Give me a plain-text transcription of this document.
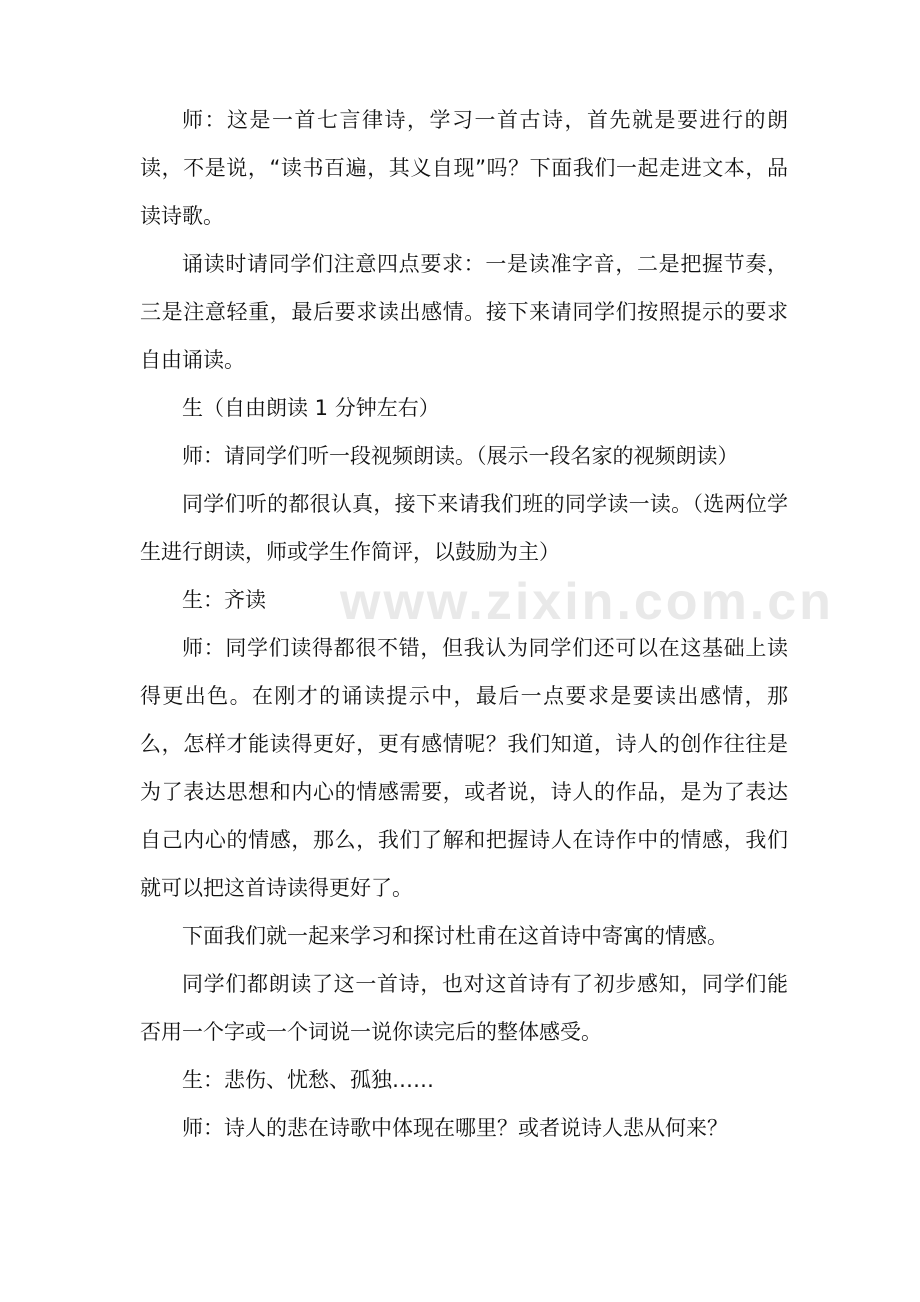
www.zixin.com.cn

师：这是一首七言律诗，学习一首古诗，首先就是要进行的朗读，不是说，“读书百遍，其义自现”吗？下面我们一起走进文本，品读诗歌。

诵读时请同学们注意四点要求：一是读准字音，二是把握节奏，三是注意轻重，最后要求读出感情。接下来请同学们按照提示的要求自由诵读。

生（自由朗读 1 分钟左右）

师：请同学们听一段视频朗读。（展示一段名家的视频朗读）

同学们听的都很认真，接下来请我们班的同学读一读。（选两位学生进行朗读，师或学生作简评，以鼓励为主）

生：齐读

师：同学们读得都很不错，但我认为同学们还可以在这基础上读得更出色。在刚才的诵读提示中，最后一点要求是要读出感情，那么，怎样才能读得更好，更有感情呢？我们知道，诗人的创作往往是为了表达思想和内心的情感需要，或者说，诗人的作品，是为了表达自己内心的情感，那么，我们了解和把握诗人在诗作中的情感，我们就可以把这首诗读得更好了。

下面我们就一起来学习和探讨杜甫在这首诗中寄寓的情感。

同学们都朗读了这一首诗，也对这首诗有了初步感知，同学们能否用一个字或一个词说一说你读完后的整体感受。

生：悲伤、忧愁、孤独……

师：诗人的悲在诗歌中体现在哪里？或者说诗人悲从何来？
